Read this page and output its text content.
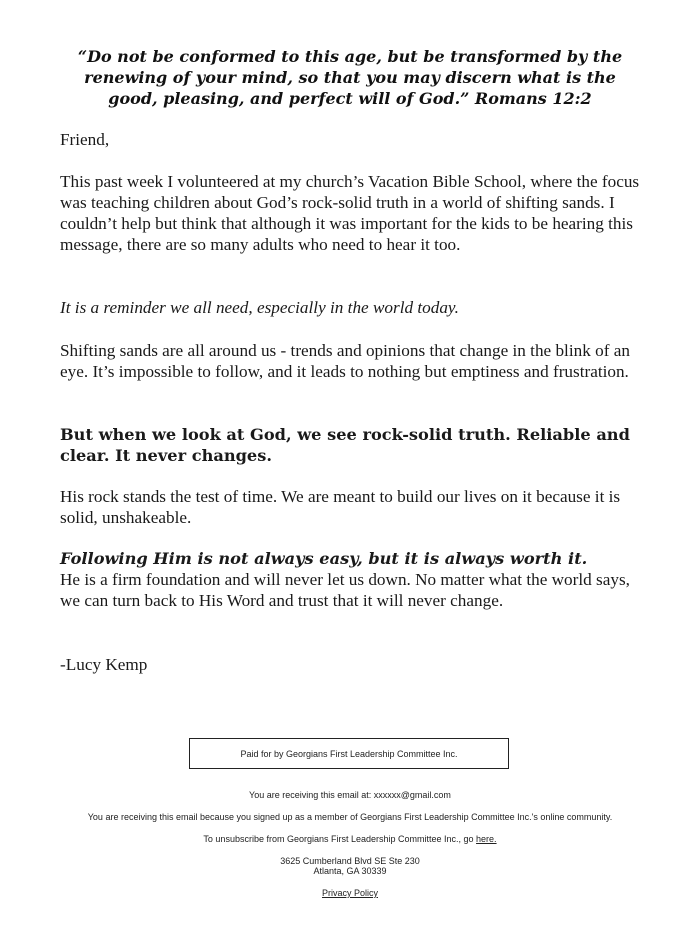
“Do not be conformed to this age, but be transformed by the renewing of your mind, so that you may discern what is the good, pleasing, and perfect will of God.” Romans 12:2

Friend,

This past week I volunteered at my church’s Vacation Bible School, where the focus was teaching children about God’s rock-solid truth in a world of shifting sands. I couldn’t help but think that although it was important for the kids to be hearing this message, there are so many adults who need to hear it too.

It is a reminder we all need, especially in the world today.

Shifting sands are all around us - trends and opinions that change in the blink of an eye. It’s impossible to follow, and it leads to nothing but emptiness and frustration.

But when we look at God, we see rock-solid truth. Reliable and clear. It never changes.

His rock stands the test of time. We are meant to build our lives on it because it is solid, unshakeable.

Following Him is not always easy, but it is always worth it.
He is a firm foundation and will never let us down. No matter what the world says, we can turn back to His Word and trust that it will never change.

-Lucy Kemp

Paid for by Georgians First Leadership Committee Inc.
You are receiving this email at: xxxxxx@gmail.com
You are receiving this email because you signed up as a member of Georgians First Leadership Committee Inc.'s online community.
To unsubscribe from Georgians First Leadership Committee Inc., go here.
3625 Cumberland Blvd SE Ste 230
Atlanta, GA 30339
Privacy Policy
